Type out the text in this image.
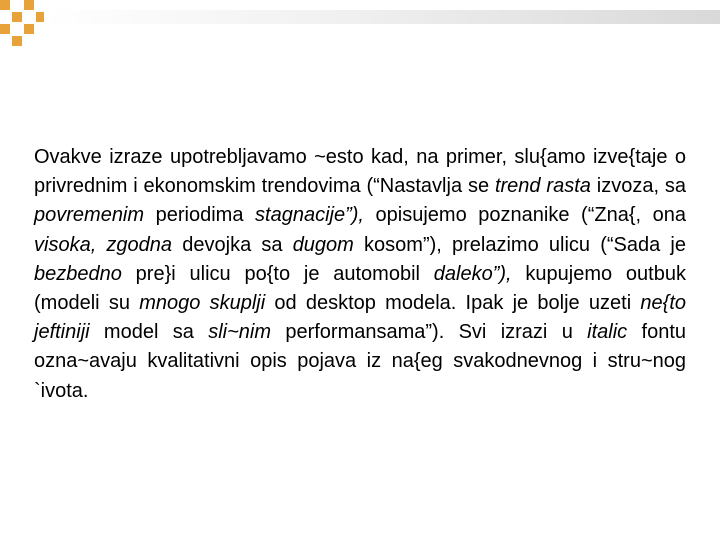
Ovakve izraze upotrebljavamo ~esto kad, na primer, slu{amo izve{taje o privrednim i ekonomskim trendovima (“Nastavlja se trend rasta izvoza, sa povremenim periodima stagnacije”), opisujemo poznanike (“Zna{, ona visoka, zgodna devojka sa dugom kosom”), prelazimo ulicu (“Sada je bezbedno pre}i ulicu po{to je automobil daleko”), kupujemo outbuk (modeli su mnogo skuplji od desktop modela. Ipak je bolje uzeti ne{to jeftiniji model sa sli~nim performansama”). Svi izrazi u italic fontu ozna~avaju kvalitativni opis pojava iz na{eg svakodnevnog i stru~nog `ivota.
